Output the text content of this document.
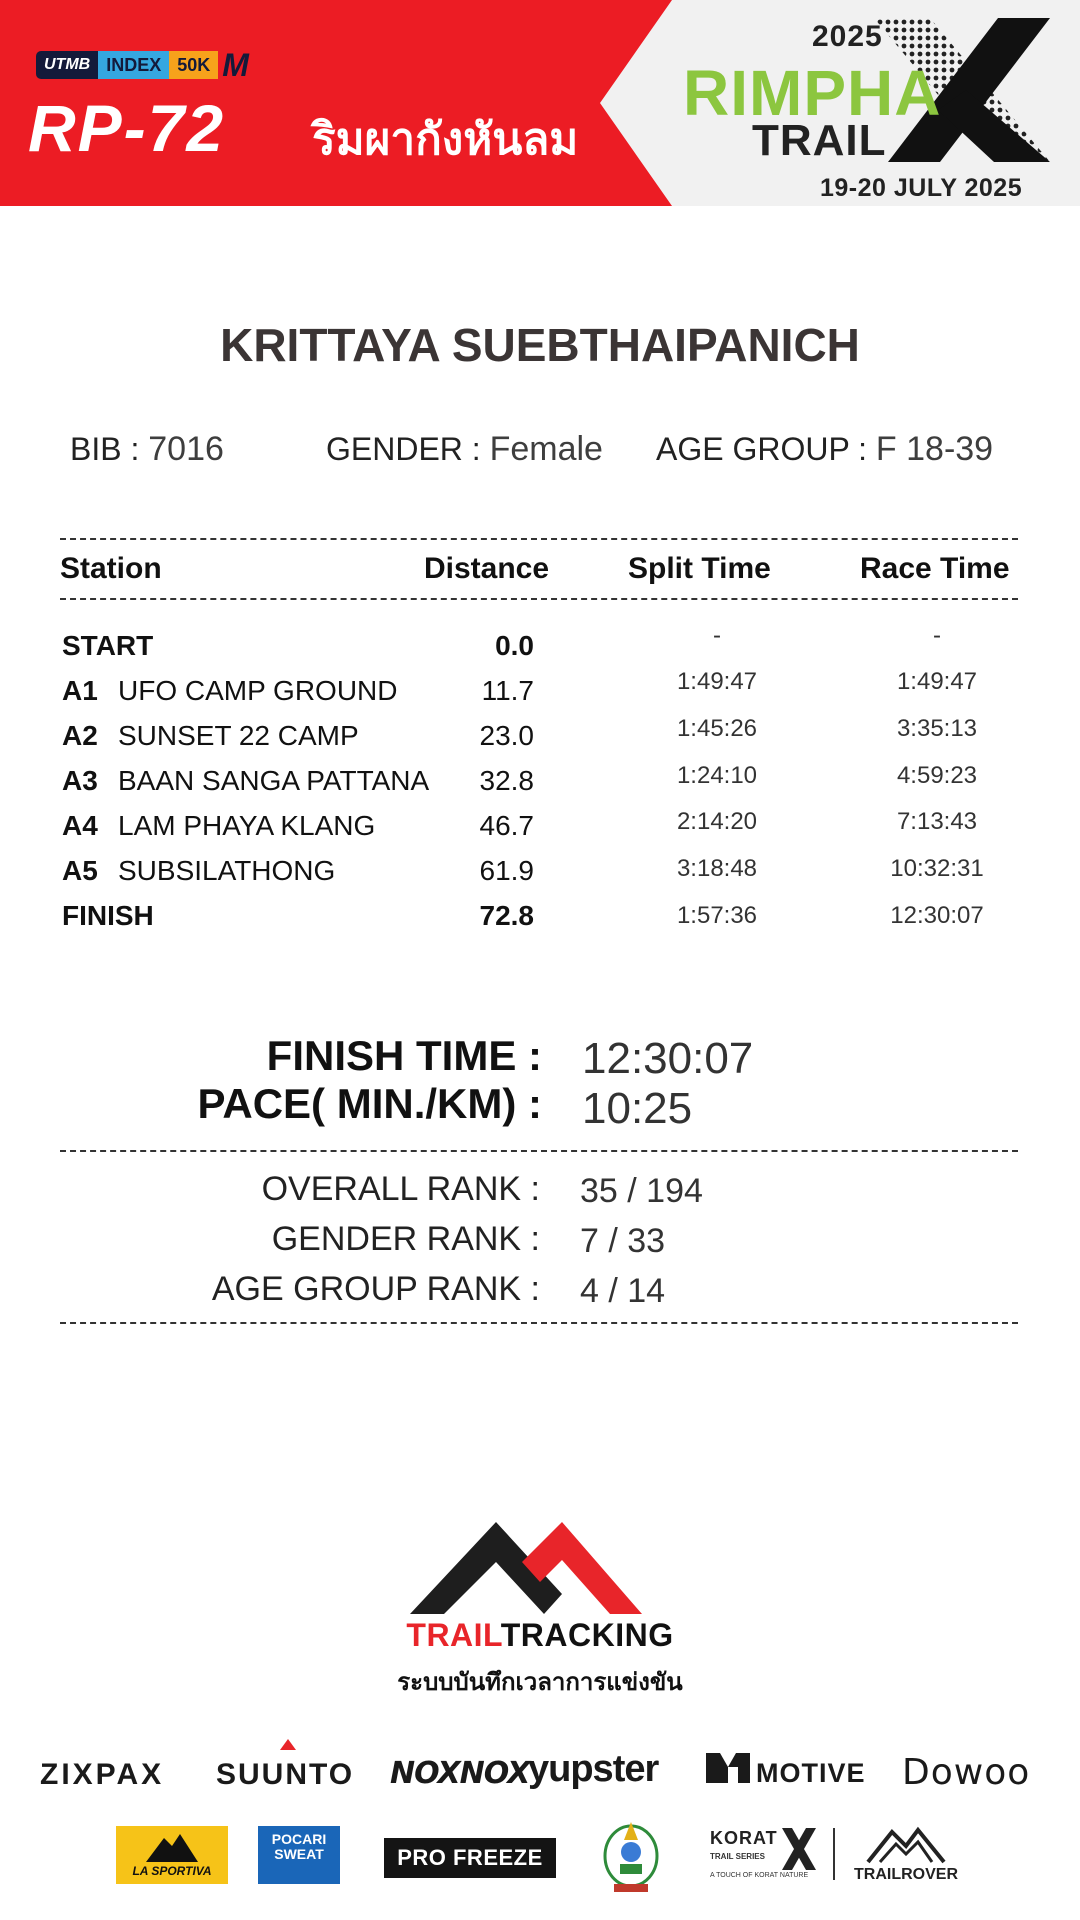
UTMB INDEX 50K M
RP-72 ริมผากังหันลม
2025
RIMPHA
TRAIL
19-20 JULY 2025
KRITTAYA SUEBTHAIPANICH
BIB : 7016	GENDER : Female AGE GROUP : F 18-39
Station	Distance	Split Time	Race Time
START	0.0	-	-
A1 UFO CAMP GROUND	11.7	1:49:47	1:49:47
A2 SUNSET 22 CAMP	23.0	1:45:26	3:35:13
A3 BAAN SANGA PATTANA	32.8	1:24:10	4:59:23
A4 LAM PHAYA KLANG	46.7	2:14:20	7:13:43
A5 SUBSILATHONG	61.9	3:18:48	10:32:31
FINISH	72.8	1:57:36	12:30:07
FINISH TIME : 12:30:07
PACE( MIN./KM) : 10:25
OVERALL RANK : 35 / 194
GENDER RANK : 7 / 33
AGE GROUP RANK : 4 / 14
TRAILTRACKING
ระบบบันทึกเวลาการแข่งขัน
ZIXPAX SUUNTO NOXNOX
yupster	MOTIVE Dowoo
LA SPORTIVA
POCARI SWEAT	PRO FREEZE
KORAT
TRAIL SERIES
A TOUCH OF KORAT NATURE	TRAILROVER
